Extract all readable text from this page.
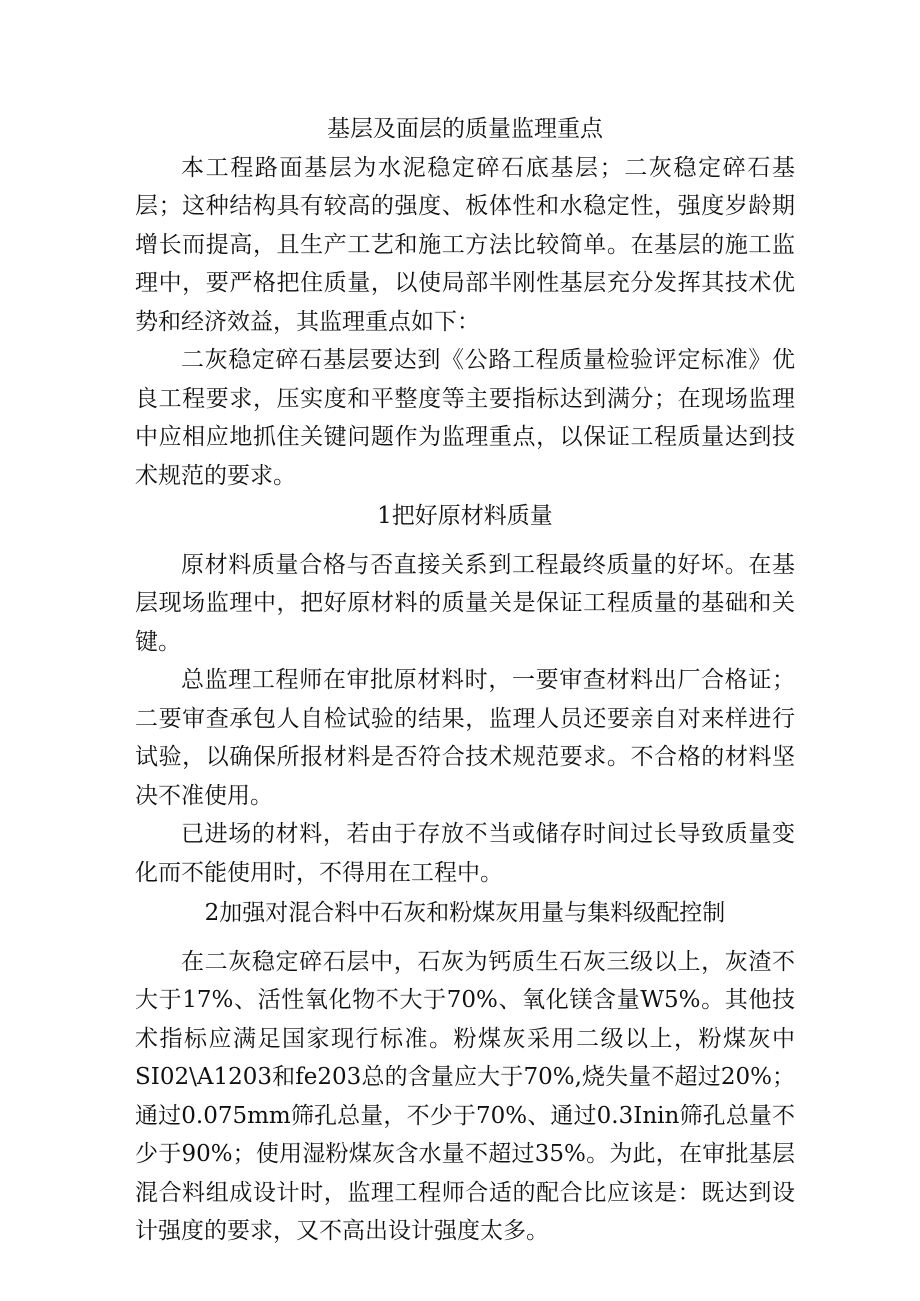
基层及面层的质量监理重点

本工程路面基层为水泥稳定碎石底基层；二灰稳定碎石基层；这种结构具有较高的强度、板体性和水稳定性，强度岁龄期增长而提高，且生产工艺和施工方法比较简单。在基层的施工监理中，要严格把住质量，以使局部半刚性基层充分发挥其技术优势和经济效益，其监理重点如下：

二灰稳定碎石基层要达到《公路工程质量检验评定标准》优良工程要求，压实度和平整度等主要指标达到满分；在现场监理中应相应地抓住关键问题作为监理重点，以保证工程质量达到技术规范的要求。

1把好原材料质量

原材料质量合格与否直接关系到工程最终质量的好坏。在基层现场监理中，把好原材料的质量关是保证工程质量的基础和关键。

总监理工程师在审批原材料时，一要审查材料出厂合格证；二要审查承包人自检试验的结果，监理人员还要亲自对来样进行试验，以确保所报材料是否符合技术规范要求。不合格的材料坚决不准使用。

已进场的材料，若由于存放不当或储存时间过长导致质量变化而不能使用时，不得用在工程中。

2加强对混合料中石灰和粉煤灰用量与集料级配控制

在二灰稳定碎石层中，石灰为钙质生石灰三级以上，灰渣不大于17%、活性氧化物不大于70%、氧化镁含量W5%。其他技术指标应满足国家现行标准。粉煤灰采用二级以上，粉煤灰中SI02\A1203和fe203总的含量应大于70%,烧失量不超过20%；通过0.075mm筛孔总量，不少于70%、通过0.3Inin筛孔总量不少于90%；使用湿粉煤灰含水量不超过35%。为此，在审批基层混合料组成设计时，监理工程师合适的配合比应该是：既达到设计强度的要求，又不高出设计强度太多。
